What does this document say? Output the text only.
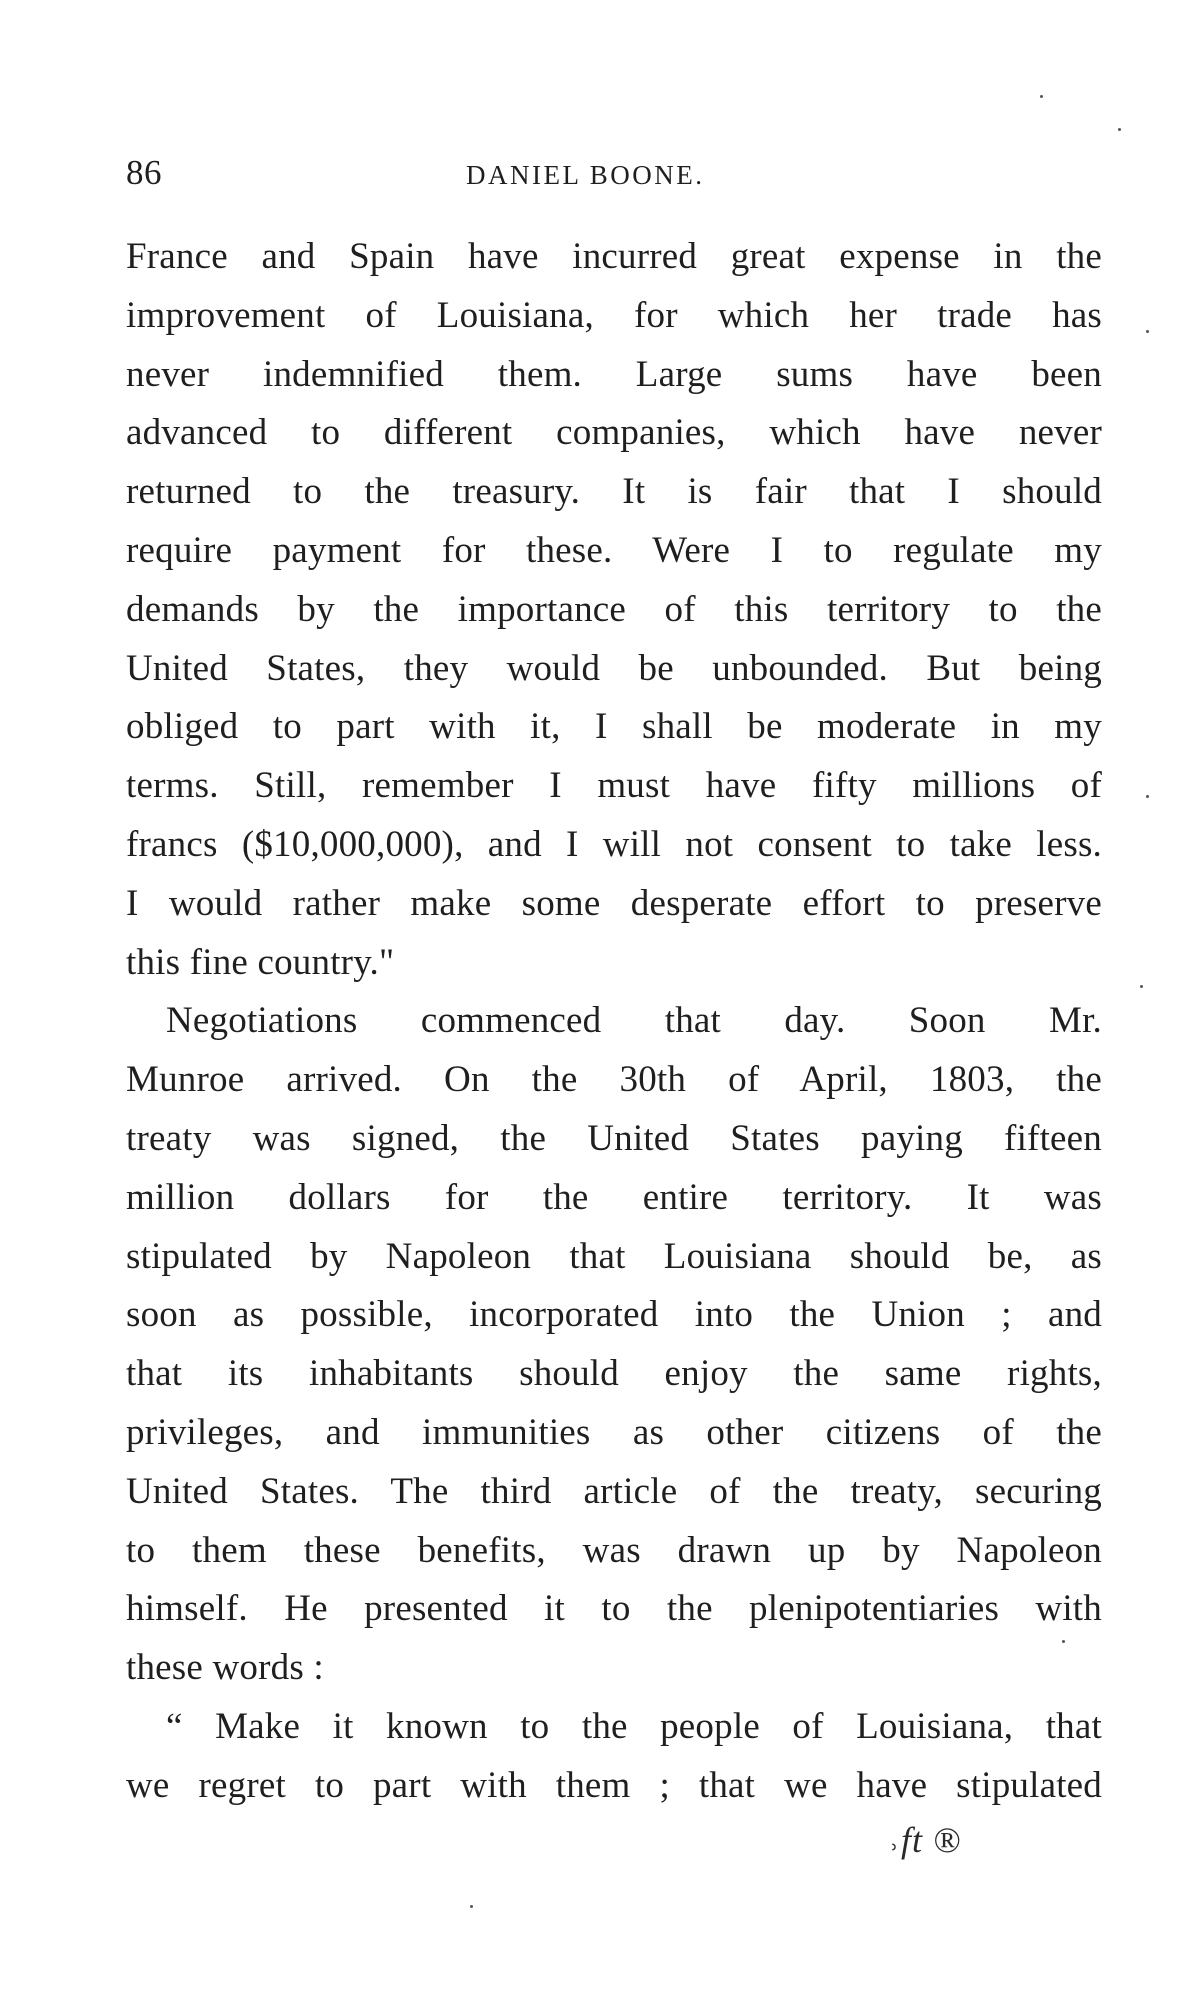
86	DANIEL BOONE.
France and Spain have incurred great expense in the
improvement of Louisiana, for which her trade has
never indemnified them. Large sums have been
advanced to different companies, which have never
returned to the treasury. It is fair that I should
require payment for these. Were I to regulate my
demands by the importance of this territory to the
United States, they would be unbounded. But being
obliged to part with it, I shall be moderate in my
terms. Still, remember I must have fifty millions of
francs ($10,000,000), and I will not consent to take less.
I would rather make some desperate effort to preserve
this fine country."
Negotiations commenced that day. Soon Mr.
Munroe arrived. On the 30th of April, 1803, the
treaty was signed, the United States paying fifteen
million dollars for the entire territory. It was
stipulated by Napoleon that Louisiana should be, as
soon as possible, incorporated into the Union ; and
that its inhabitants should enjoy the same rights,
privileges, and immunities as other citizens of the
United States. The third article of the treaty, securing
to them these benefits, was drawn up by Napoleon
himself. He presented it to the plenipotentiaries with
these words :
“ Make it known to the people of Louisiana, that
we regret to part with them ; that we have stipulated
˒ft ®
